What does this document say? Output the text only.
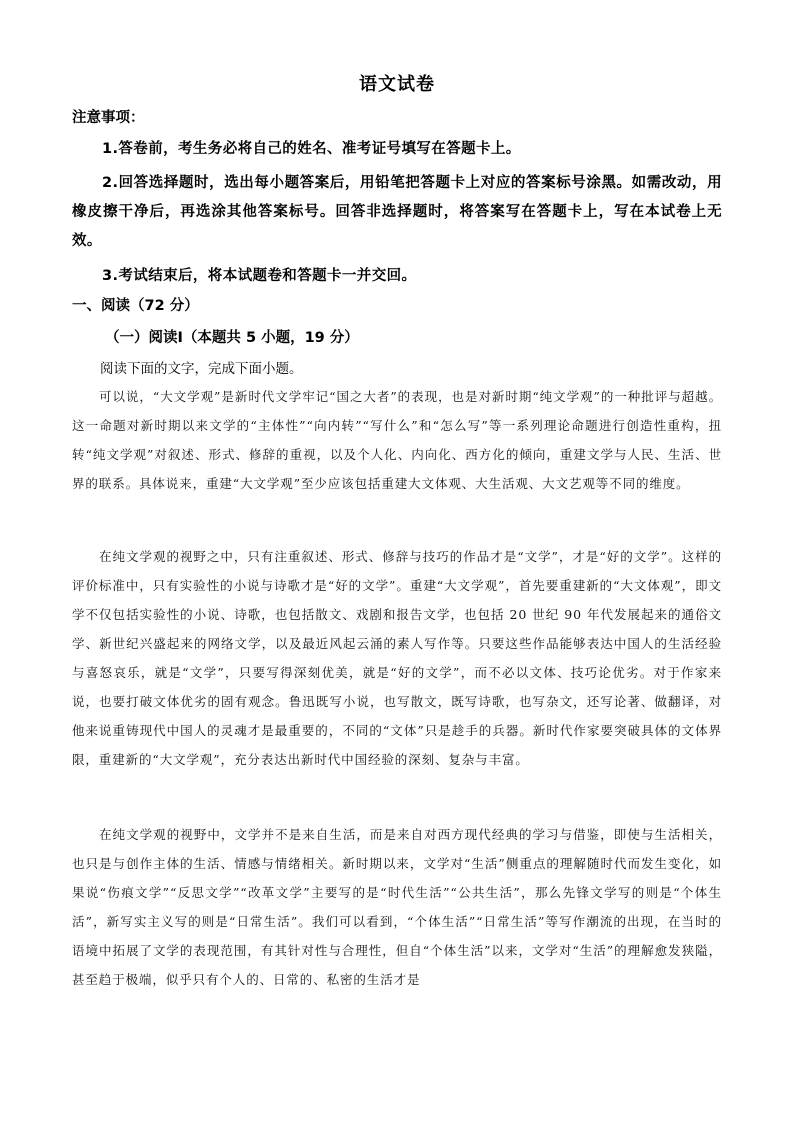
语文试卷
注意事项：
1.答卷前，考生务必将自己的姓名、准考证号填写在答题卡上。
2.回答选择题时，选出每小题答案后，用铅笔把答题卡上对应的答案标号涂黑。如需改动，用橡皮擦干净后，再选涂其他答案标号。回答非选择题时，将答案写在答题卡上，写在本试卷上无效。
3.考试结束后，将本试题卷和答题卡一并交回。
一、阅读（72 分）
（一）阅读Ⅰ（本题共 5 小题，19 分）
阅读下面的文字，完成下面小题。
可以说，“大文学观”是新时代文学牢记“国之大者”的表现，也是对新时期“纯文学观”的一种批评与超越。这一命题对新时期以来文学的“主体性”“向内转”“写什么”和“怎么写”等一系列理论命题进行创造性重构，扭转“纯文学观”对叙述、形式、修辞的重视，以及个人化、内向化、西方化的倾向，重建文学与人民、生活、世界的联系。具体说来，重建“大文学观”至少应该包括重建大文体观、大生活观、大文艺观等不同的维度。
在纯文学观的视野之中，只有注重叙述、形式、修辞与技巧的作品才是“文学”，才是“好的文学”。这样的评价标准中，只有实验性的小说与诗歌才是“好的文学”。重建“大文学观”，首先要重建新的“大文体观”，即文学不仅包括实验性的小说、诗歌，也包括散文、戏剧和报告文学，也包括 20 世纪 90 年代发展起来的通俗文学、新世纪兴盛起来的网络文学，以及最近风起云涌的素人写作等。只要这些作品能够表达中国人的生活经验与喜怒哀乐，就是“文学”，只要写得深刻优美，就是“好的文学”，而不必以文体、技巧论优劣。对于作家来说，也要打破文体优劣的固有观念。鲁迅既写小说，也写散文，既写诗歌，也写杂文，还写论著、做翻译，对他来说重铸现代中国人的灵魂才是最重要的，不同的“文体”只是趁手的兵器。新时代作家要突破具体的文体界限，重建新的“大文学观”，充分表达出新时代中国经验的深刻、复杂与丰富。
在纯文学观的视野中，文学并不是来自生活，而是来自对西方现代经典的学习与借鉴，即使与生活相关，也只是与创作主体的生活、情感与情绪相关。新时期以来，文学对“生活”侧重点的理解随时代而发生变化，如果说“伤痕文学”“反思文学”“改革文学”主要写的是“时代生活”“公共生活”，那么先锋文学写的则是“个体生活”，新写实主义写的则是“日常生活”。我们可以看到，“个体生活”“日常生活”等写作潮流的出现，在当时的语境中拓展了文学的表现范围，有其针对性与合理性，但自“个体生活”以来，文学对“生活”的理解愈发狭隘，甚至趋于极端，似乎只有个人的、日常的、私密的生活才是
